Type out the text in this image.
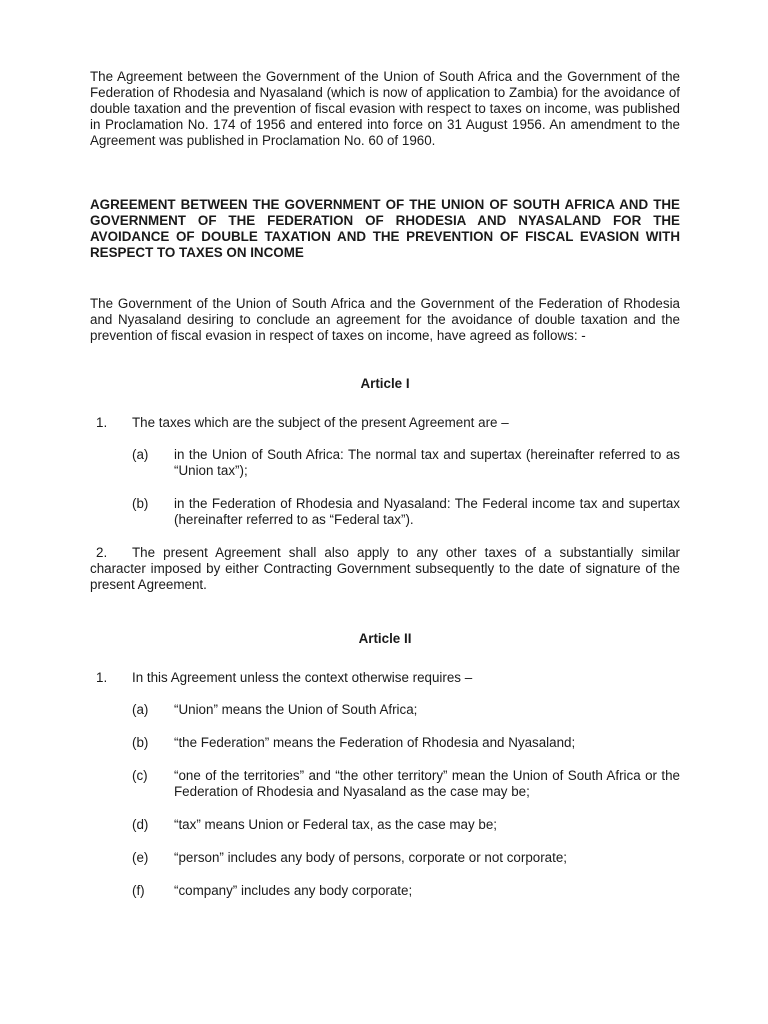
The Agreement between the Government of the Union of South Africa and the Government of the Federation of Rhodesia and Nyasaland (which is now of application to Zambia) for the avoidance of double taxation and the prevention of fiscal evasion with respect to taxes on income, was published in Proclamation No. 174 of 1956 and entered into force on 31 August 1956. An amendment to the Agreement was published in Proclamation No. 60 of 1960.

AGREEMENT BETWEEN THE GOVERNMENT OF THE UNION OF SOUTH AFRICA AND THE GOVERNMENT OF THE FEDERATION OF RHODESIA AND NYASALAND FOR THE AVOIDANCE OF DOUBLE TAXATION AND THE PREVENTION OF FISCAL EVASION WITH RESPECT TO TAXES ON INCOME

The Government of the Union of South Africa and the Government of the Federation of Rhodesia and Nyasaland desiring to conclude an agreement for the avoidance of double taxation and the prevention of fiscal evasion in respect of taxes on income, have agreed as follows: -

Article I

1.	The taxes which are the subject of the present Agreement are –
(a)	in the Union of South Africa: The normal tax and supertax (hereinafter referred to as “Union tax”);
(b)	in the Federation of Rhodesia and Nyasaland: The Federal income tax and supertax (hereinafter referred to as “Federal tax”).

2. The present Agreement shall also apply to any other taxes of a substantially similar character imposed by either Contracting Government subsequently to the date of signature of the present Agreement.

Article II

1.	In this Agreement unless the context otherwise requires –
(a)	“Union” means the Union of South Africa;
(b)	“the Federation” means the Federation of Rhodesia and Nyasaland;
(c)	“one of the territories” and “the other territory” mean the Union of South Africa or the Federation of Rhodesia and Nyasaland as the case may be;
(d)	“tax” means Union or Federal tax, as the case may be;
(e)	“person” includes any body of persons, corporate or not corporate;
(f)	“company” includes any body corporate;
